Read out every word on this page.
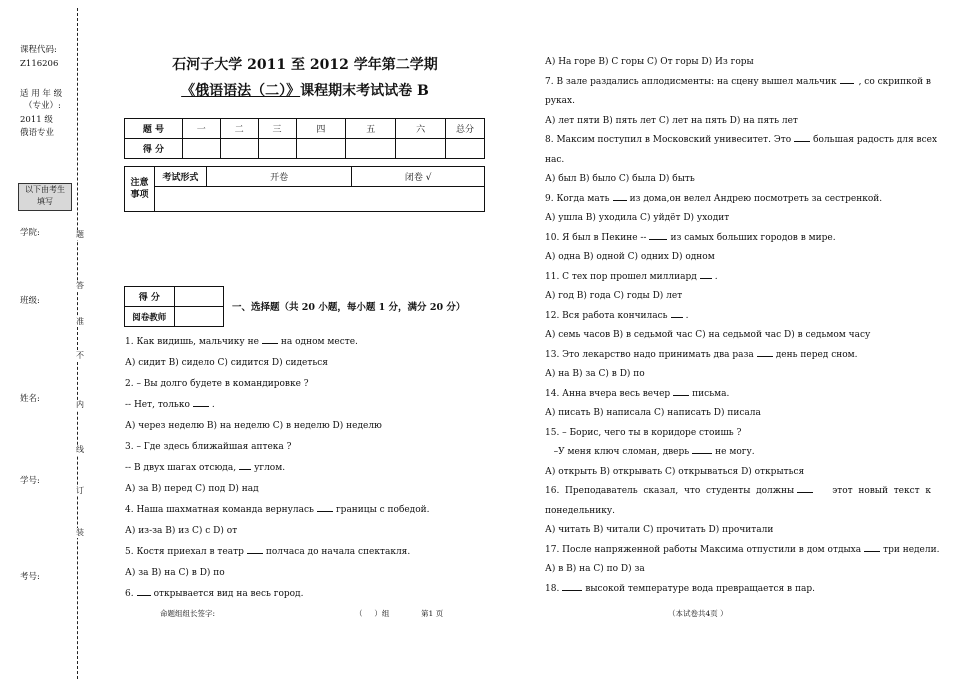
课程代码:
Z116206
适 用 年 级
（专业）:
2011 级
俄语专业
以下由考生
填写
学院:
班级:
姓名:
学号:
考号:
题
答
准
不
内
线
订
装
石河子大学 2011 至 2012 学年第二学期
《俄语语法（二）》课程期末考试试卷 B
题 号	一	二	三	四	五	六	总分
得 分							
注意
事项	考试形式	开卷	闭卷 √

得 分	
阅卷教师	
一、选择题（共 20 小题，每小题 1 分，满分 20 分）
1. Как видишь, мальчику не на одном месте.
А) сидит В) сидело С) сидится D) сидеться
2. – Вы долго будете в командировке ?
-- Нет, только .
А) через неделю В) на неделю С) в неделю D) неделю
3. – Где здесь ближайшая аптека ?
-- В двух шагах отсюда, углом.
А) за В) перед С) под D) над
4. Наша шахматная команда вернулась границы с победой.
А) из-за В) из С) с D) от
5. Костя приехал в театр полчаса до начала спектакля.
А) за В) на С) в D) по
6. открывается вид на весь город.
命题组组长签字:	（     ）组	第1 页	（本试卷共4页 ）
А) На горе В) С горы С) От горы D) Из горы
7. В зале раздались аплодисменты: на сцену вышел мальчик	, со скрипкой в
руках.
А) лет пяти В) пять лет С) лет на пять D) на пять лет
8. Максим поступил в Московский унивеситет. Это	большая радость для всех
нас.
А) был В) было С) была D) быть
9. Когда мать из дома,он велел Андрею посмотреть за сестренкой.
А) ушла В) уходила С) уйдёт D) уходит
10. Я был в Пекине --	из самых больших городов в мире.
А) одна В) одной С) одних D) одном
11. С тех пор прошел миллиард .
А) год В) года С) годы D) лет
12. Вся работа кончилась .
А) семь часов В) в седьмой час С) на седьмой час D) в седьмом часу
13. Это лекарство надо принимать два раза день перед сном.
А) на В) за С) в D) по
14. Анна вчера весь вечер письма.
А) писать В) написала С) написать D) писала
15. – Борис, чего ты в коридоре стоишь ?
–У меня ключ сломан, дверь	не могу.
А) открыть В) открывать С) открываться D) открыться
16.  Преподаватель  сказал,  что  студенты  должны	этот  новый  текст  к
понедельнику.
А) читать В) читали С) прочитать D) прочитали
17. После напряженной работы Максима отпустили в дом отдыха три недели.
А) в В) на С) по D) за
18.	высокой температуре вода превращается в пар.
